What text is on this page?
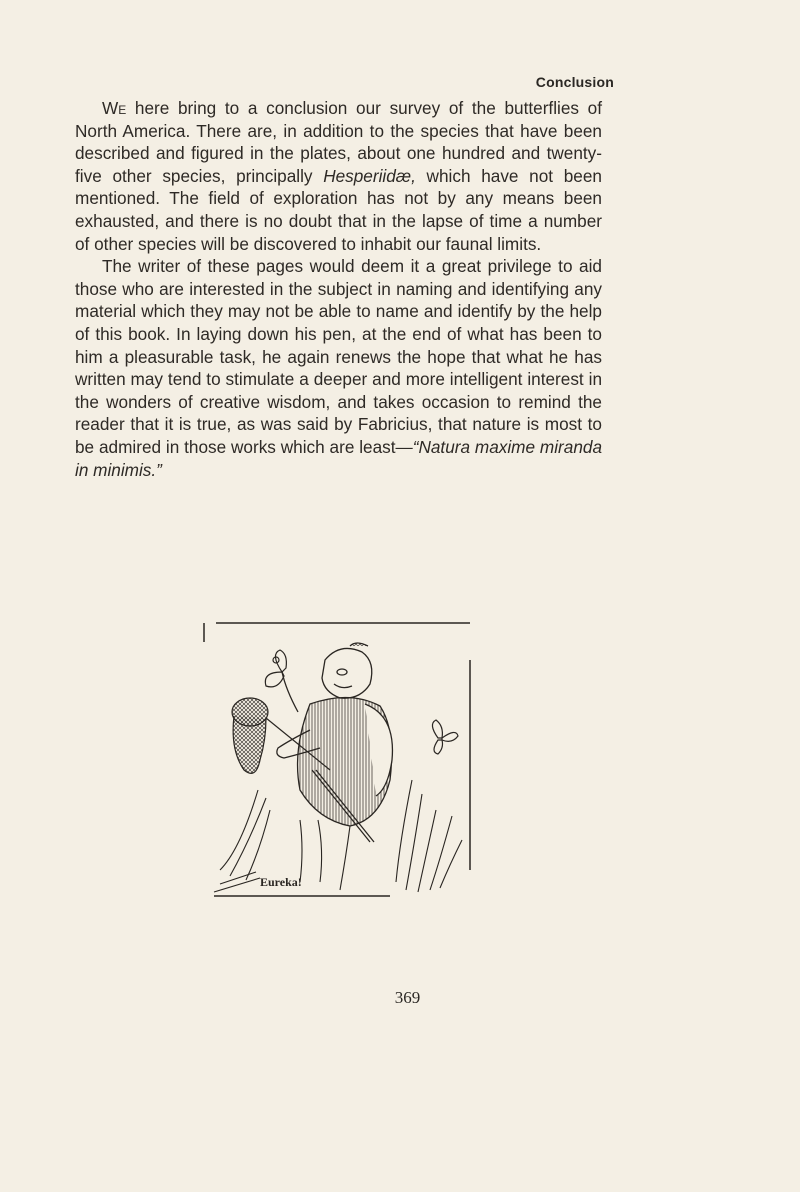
Conclusion

We here bring to a conclusion our survey of the butterflies of North America. There are, in addition to the species that have been described and figured in the plates, about one hundred and twenty-five other species, principally Hesperiidæ, which have not been mentioned. The field of exploration has not by any means been exhausted, and there is no doubt that in the lapse of time a number of other species will be discovered to inhabit our faunal limits.

The writer of these pages would deem it a great privilege to aid those who are interested in the subject in naming and identifying any material which they may not be able to name and identify by the help of this book. In laying down his pen, at the end of what has been to him a pleasurable task, he again renews the hope that what he has written may tend to stimulate a deeper and more intelligent interest in the wonders of creative wisdom, and takes occasion to remind the reader that it is true, as was said by Fabricius, that nature is most to be admired in those works which are least—“Natura maxime miranda in minimis.”

Eureka!
369
